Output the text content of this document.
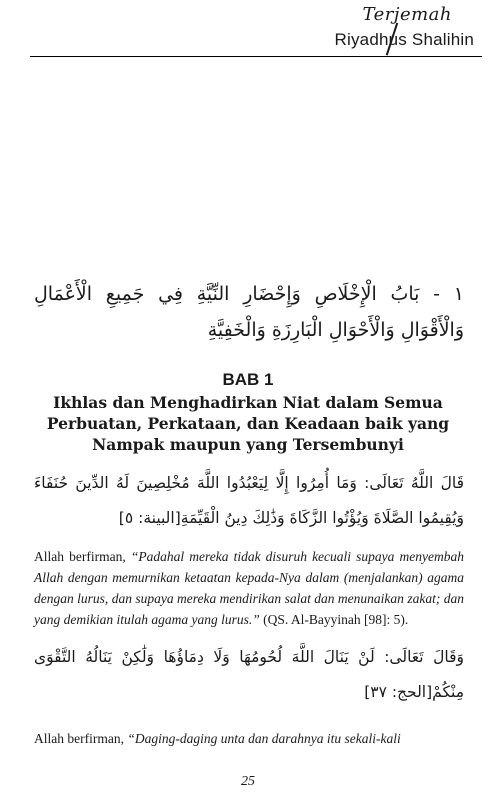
Terjemah
Riyadhus Shalihin
١ - بَابُ الْإِخْلَاصِ وَإِحْضَارِ النِّيَّةِ فِي جَمِيعِ الْأَعْمَالِ وَالْأَقْوَالِ وَالْأَحْوَالِ الْبَارِزَةِ وَالْخَفِيَّةِ
BAB 1
Ikhlas dan Menghadirkan Niat dalam Semua Perbuatan, Perkataan, dan Keadaan baik yang Nampak maupun yang Tersembunyi
قَالَ اللَّهُ تَعَالَى: وَمَا أُمِرُوا إِلَّا لِيَعْبُدُوا اللَّهَ مُخْلِصِينَ لَهُ الدِّينَ حُنَفَاءَ وَيُقِيمُوا الصَّلَاةَ وَيُؤْتُوا الزَّكَاةَ وَذَٰلِكَ دِينُ الْقَيِّمَةِ[البينة: ٥]
Allah berfirman, “Padahal mereka tidak disuruh kecuali supaya menyembah Allah dengan memurnikan ketaatan kepada-Nya dalam (menjalankan) agama dengan lurus, dan supaya mereka mendirikan salat dan menunaikan zakat; dan yang demikian itulah agama yang lurus.” (QS. Al-Bayyinah [98]: 5).
وَقَالَ تَعَالَى: لَنْ يَنَالَ اللَّهَ لُحُومُهَا وَلَا دِمَاؤُهَا وَلَٰكِنْ يَنَالُهُ التَّقْوَى مِنْكُمْ[الحج: ٣٧]
Allah berfirman, “Daging-daging unta dan darahnya itu sekali-kali
25
